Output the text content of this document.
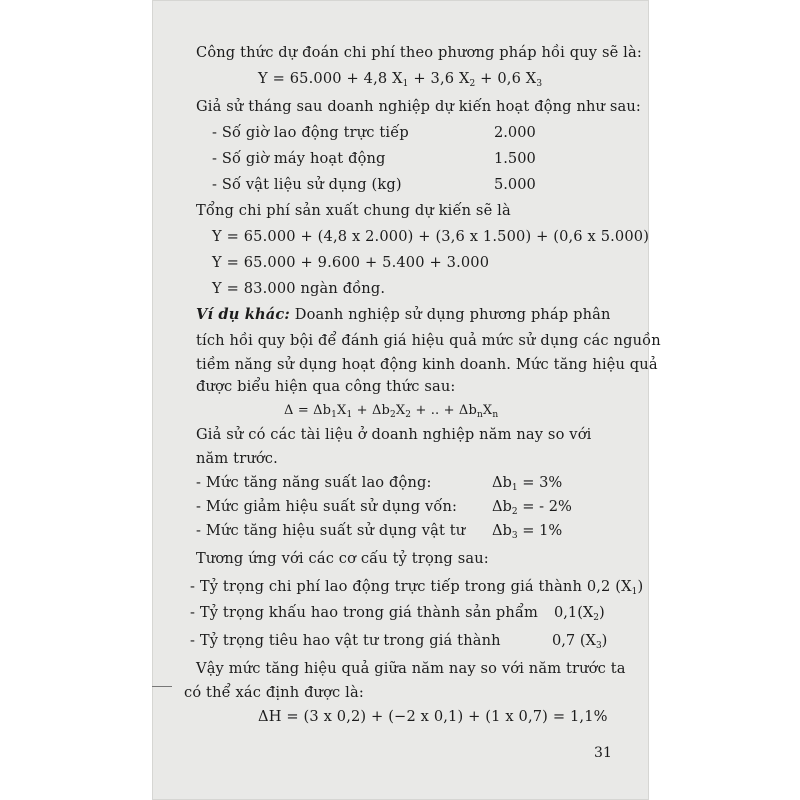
Công thức dự đoán chi phí theo phương pháp hồi quy sẽ là:
Y = 65.000 + 4,8 $X_1 + 3,6$ $X_2 + 0,6$ $X_3$
Giả sử tháng sau doanh nghiệp dự kiến hoạt động như sau:
- Số giờ lao động trực tiếp	2.000
- Số giờ máy hoạt động	1.500
- Số vật liệu sử dụng (kg)	5.000
Tổng chi phí sản xuất chung dự kiến sẽ là
Y = 65.000 + (4,8 x 2.000) + (3,6 x 1.500) + (0,6 x 5.000)
Y = 65.000 + 9.600 + 5.400 + 3.000
Y = 83.000 ngàn đồng.
Ví dụ khác: Doanh nghiệp sử dụng phương pháp phân
tích hồi quy bội để đánh giá hiệu quả mức sử dụng các nguồn
tiềm năng sử dụng hoạt động kinh doanh. Mức tăng hiệu quả
được biểu hiện qua công thức sau:
$\Delta = \Delta b_1X_1 + \Delta b_2X_2$ + .. + $\Delta b_nX_n$
Giả sử có các tài liệu ở doanh nghiệp năm nay so với
năm trước.
- Mức tăng năng suất lao động:	$\Delta b_1 = 3\%$
- Mức giảm hiệu suất sử dụng vốn: $\Delta b_2$ = - 2%
- Mức tăng hiệu suất sử dụng vật tư $\Delta b_3 = 1\%$
Tương ứng với các cơ cấu tỷ trọng sau:
- Tỷ trọng chi phí lao động trực tiếp trong giá thành 0,2 $(X_1)$
- Tỷ trọng khấu hao trong giá thành sản phẩm $0,1(X_2)$
- Tỷ trọng tiêu hao vật tư trong giá thành	0,7 $(X_3)$
Vậy mức tăng hiệu quả giữa năm nay so với năm trước ta
có thể xác định được là:
ΔH = (3 x 0,2) + (−2 x 0,1) + (1 x 0,7) = 1,1%
31
